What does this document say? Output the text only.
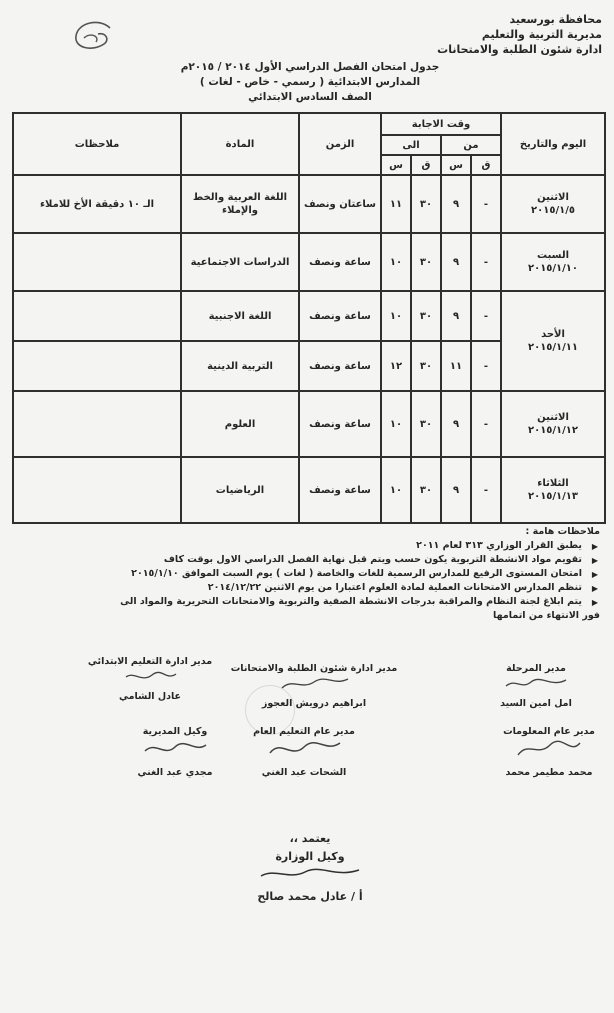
محافظة بورسعيد
مديرية التربية والتعليم
ادارة شئون الطلبة والامتحانات
جدول امتحان الفصل الدراسي الأول ٢٠١٤ / ٢٠١٥م
المدارس الابتدائية ( رسمي - خاص - لغات )
الصف السادس الابتدائي
اليوم والتاريخ	وقت الاجابة				الزمن	المادة	ملاحظات
	من		الى				
	ق	س	ق	س			

الاثنين
٢٠١٥/١/٥	-	٩	٣٠	١١	ساعتان ونصف	اللغة العربية والخط والإملاء	الـ ١٠ دقيقة الأخ للاملاء

السبت
٢٠١٥/١/١٠	-	٩	٣٠	١٠	ساعة ونصف	الدراسات الاجتماعية	

الأحد
٢٠١٥/١/١١	-	٩	٣٠	١٠	ساعة ونصف	اللغة الاجنبية	
	-	١١	٣٠	١٢	ساعة ونصف	التربية الدينية	

الاثنين
٢٠١٥/١/١٢	-	٩	٣٠	١٠	ساعة ونصف	العلوم	

الثلاثاء
٢٠١٥/١/١٣	-	٩	٣٠	١٠	ساعة ونصف	الرياضيات	
ملاحظات هامة :
▶ يطبق القرار الوزاري ٣١٣ لعام ٢٠١١
▶ تقويم مواد الانشطة التربوية يكون حسب ويتم قبل نهاية الفصل الدراسي الاول بوقت كاف
▶ امتحان المستوى الرفيع للمدارس الرسمية للغات والخاصة ( لغات ) يوم السبت الموافق ٢٠١٥/١/١٠
▶ تنظم المدارس الامتحانات العملية لمادة العلوم اعتبارا من يوم الاثنين ٢٠١٤/١٢/٢٢
▶ يتم ابلاغ لجنة النظام والمراقبة بدرجات الانشطة الصفية والتربوية والامتحانات التحريرية والمواد الى
فور الانتهاء من اتمامها
مدير المرحلة
امل امين السيد
مدير ادارة شئون الطلبة والامتحانات
ابراهيم درويش العجوز
مدير ادارة التعليم الابتدائي
عادل الشامي
مدير عام المعلومات
محمد مطيمر محمد
مدير عام التعليم العام
الشحات عبد الغني
وكيل المديرية
مجدي عبد الغني
يعتمد ،،
وكيل الوزارة
أ / عادل محمد صالح
